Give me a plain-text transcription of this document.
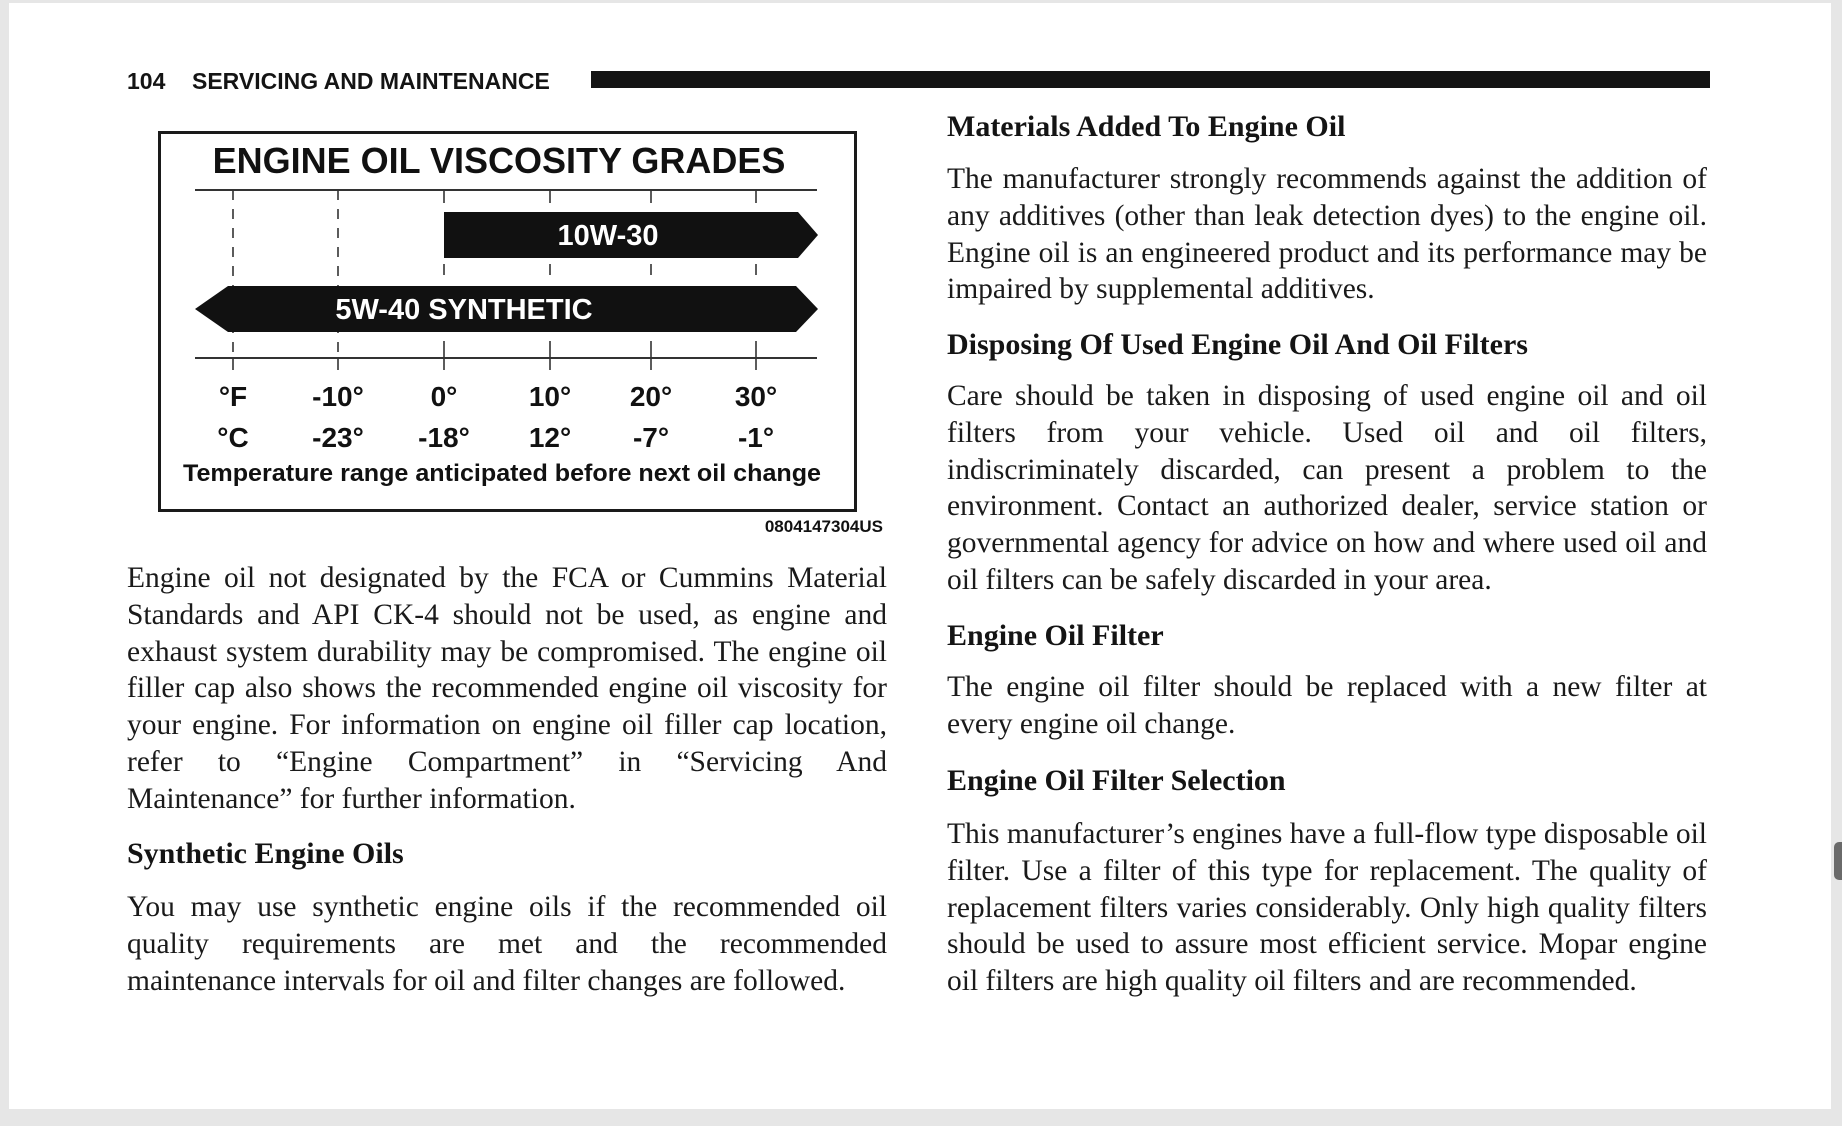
104 SERVICING AND MAINTENANCE
ENGINE OIL VISCOSITY GRADES
10W-30
5W-40 SYNTHETIC
°F -10° 0°	10° 20° 30°
°C -23° -18° 12° -7° -1°
Temperature range anticipated before next oil change
0804147304US

Engine oil not designated by the FCA or Cummins Material Standards and API CK-4 should not be used, as engine and exhaust system durability may be compromised. The engine oil filler cap also shows the recommended engine oil viscosity for your engine. For information on engine oil filler cap location, refer to “Engine Compartment” in “Servicing And Maintenance” for further information.

Synthetic Engine Oils

You may use synthetic engine oils if the recommended oil quality requirements are met and the recommended maintenance intervals for oil and filter changes are followed.

Materials Added To Engine Oil

The manufacturer strongly recommends against the addition of any additives (other than leak detection dyes) to the engine oil. Engine oil is an engineered product and its performance may be impaired by supplemental additives.

Disposing Of Used Engine Oil And Oil Filters

Care should be taken in disposing of used engine oil and oil filters from your vehicle. Used oil and oil filters, indiscriminately discarded, can present a problem to the environment. Contact an authorized dealer, service station or governmental agency for advice on how and where used oil and oil filters can be safely discarded in your area.

Engine Oil Filter

The engine oil filter should be replaced with a new filter at every engine oil change.

Engine Oil Filter Selection

This manufacturer’s engines have a full-flow type disposable oil filter. Use a filter of this type for replacement. The quality of replacement filters varies considerably. Only high quality filters should be used to assure most efficient service. Mopar engine oil filters are high quality oil filters and are recommended.
